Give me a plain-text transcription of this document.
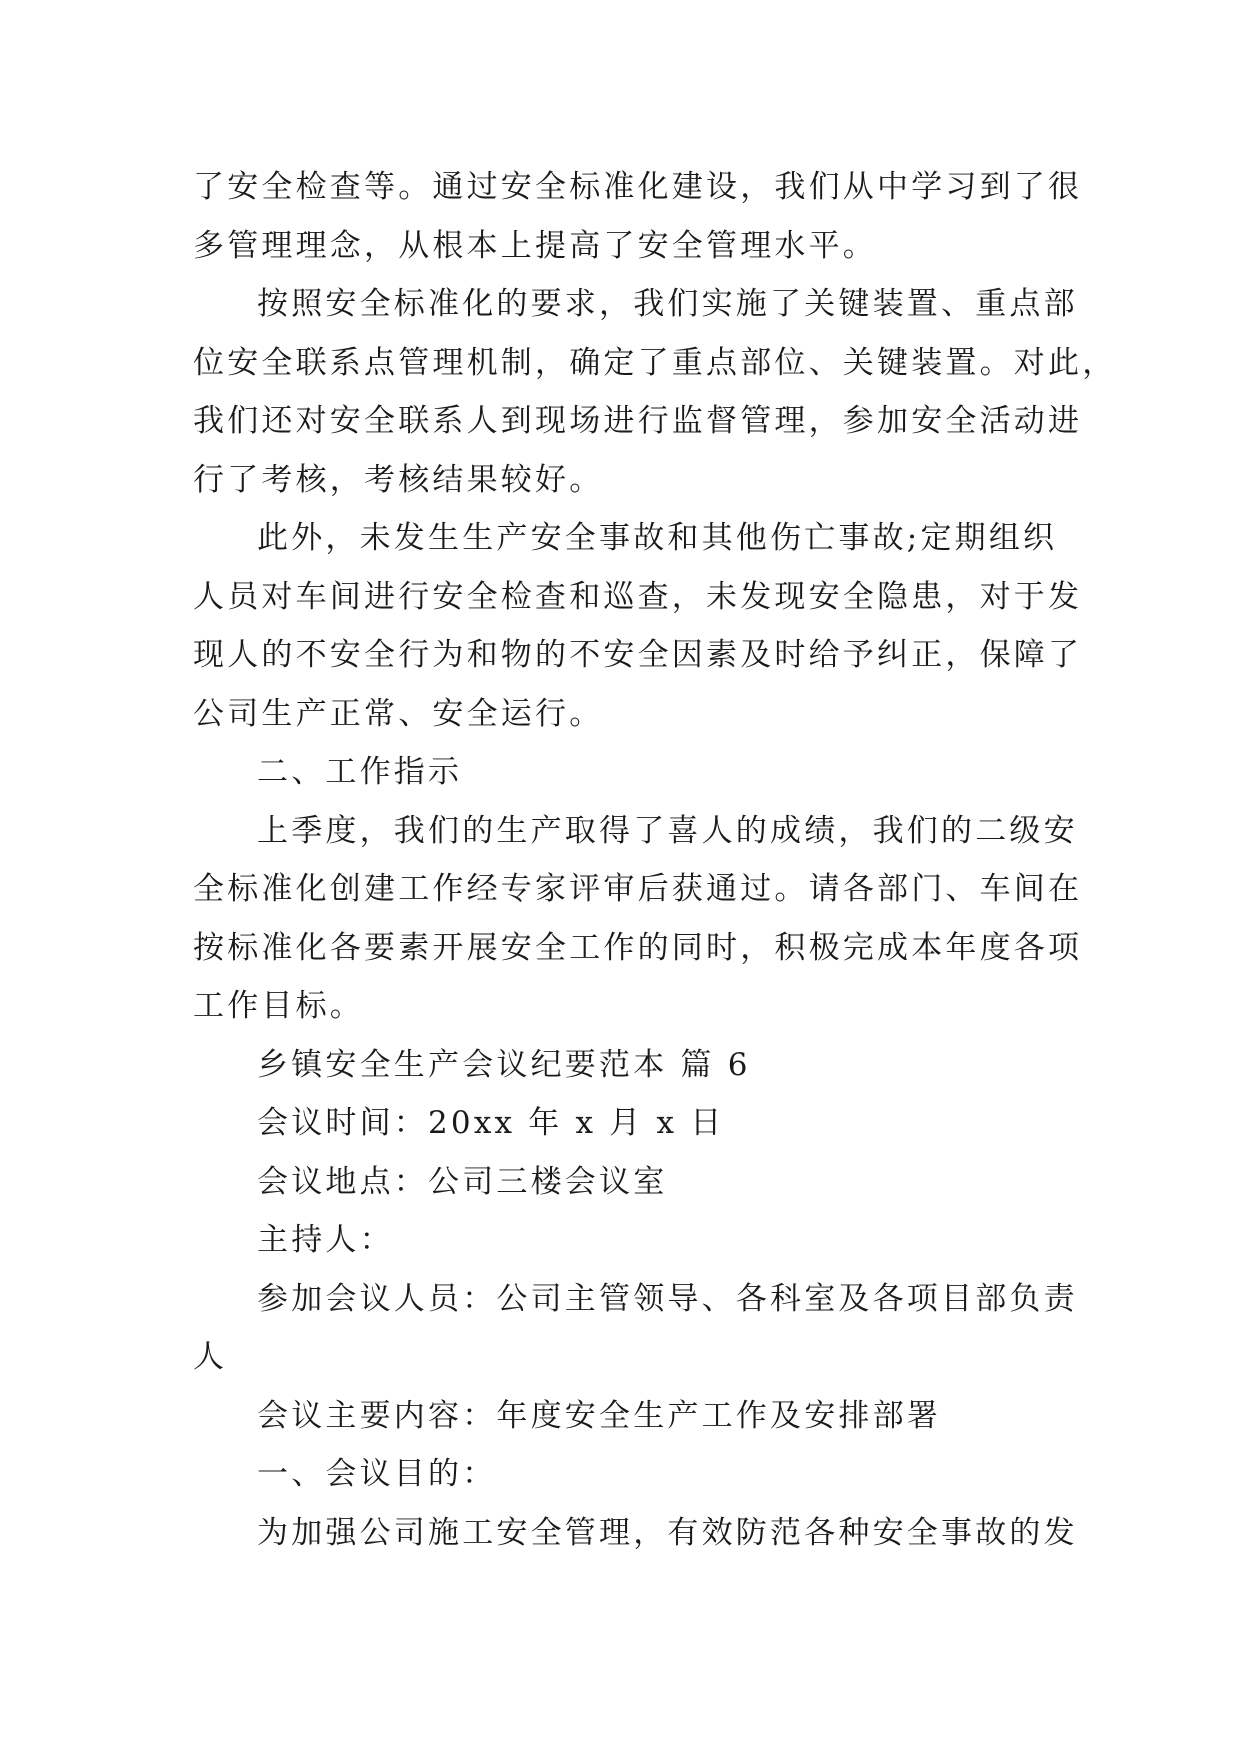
了安全检查等。通过安全标准化建设，我们从中学习到了很
多管理理念，从根本上提高了安全管理水平。
按照安全标准化的要求，我们实施了关键装置、重点部
位安全联系点管理机制，确定了重点部位、关键装置。对此，
我们还对安全联系人到现场进行监督管理，参加安全活动进
行了考核，考核结果较好。
此外，未发生生产安全事故和其他伤亡事故;定期组织
人员对车间进行安全检查和巡查，未发现安全隐患，对于发
现人的不安全行为和物的不安全因素及时给予纠正，保障了
公司生产正常、安全运行。
二、工作指示
上季度，我们的生产取得了喜人的成绩，我们的二级安
全标准化创建工作经专家评审后获通过。请各部门、车间在
按标准化各要素开展安全工作的同时，积极完成本年度各项
工作目标。
乡镇安全生产会议纪要范本 篇 6
会议时间：20xx 年 x 月 x 日
会议地点：公司三楼会议室
主持人：
参加会议人员：公司主管领导、各科室及各项目部负责
人
会议主要内容：年度安全生产工作及安排部署
一、会议目的：
为加强公司施工安全管理，有效防范各种安全事故的发
